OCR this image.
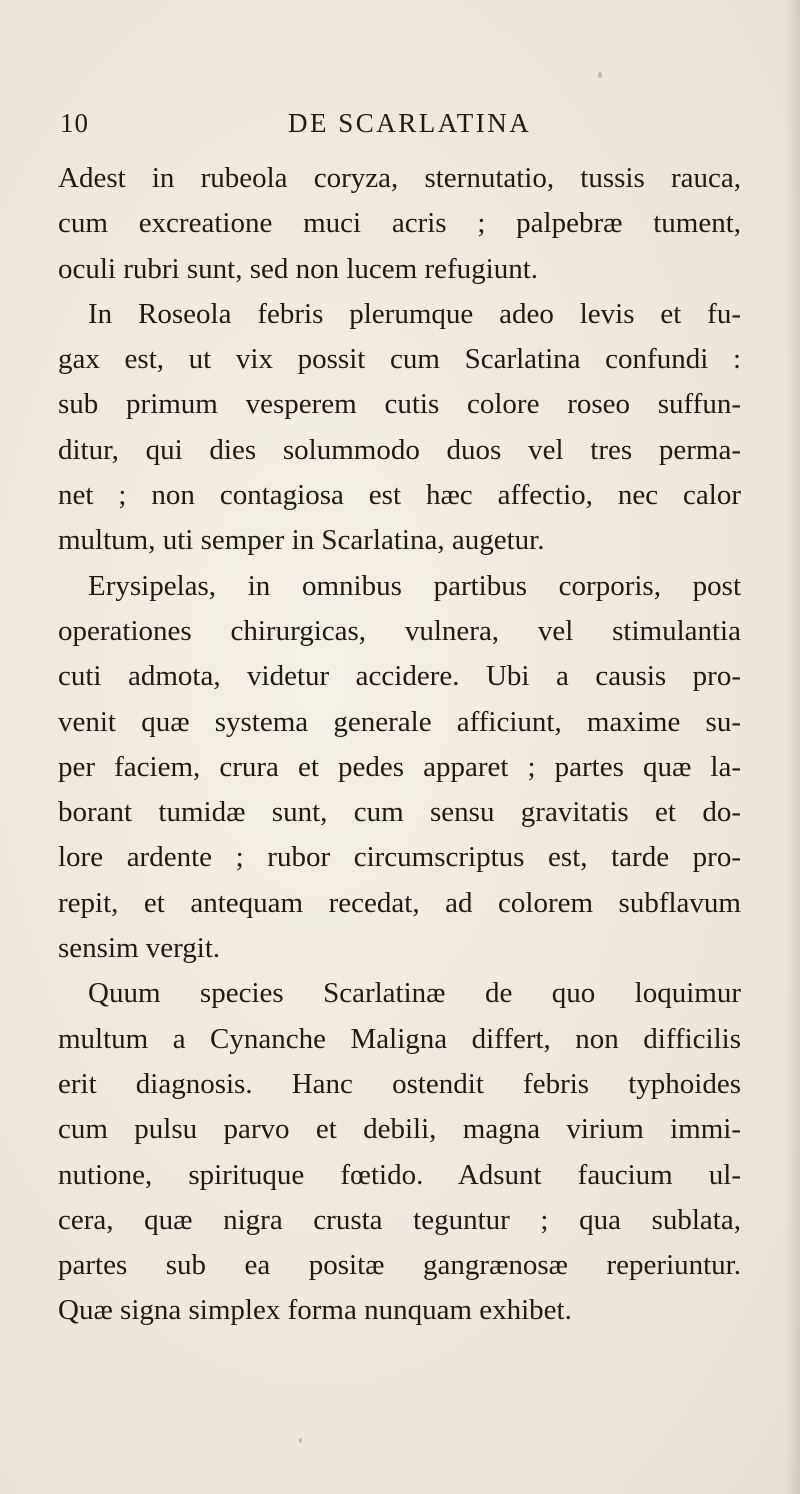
10	DE SCARLATINA
Adest in rubeola coryza, sternutatio, tussis rauca,
cum excreatione muci acris ; palpebræ tument,
oculi rubri sunt, sed non lucem refugiunt.
In Roseola febris plerumque adeo levis et fu-
gax est, ut vix possit cum Scarlatina confundi :
sub primum vesperem cutis colore roseo suffun-
ditur, qui dies solummodo duos vel tres perma-
net ; non contagiosa est hæc affectio, nec calor
multum, uti semper in Scarlatina, augetur.
Erysipelas, in omnibus partibus corporis, post
operationes chirurgicas, vulnera, vel stimulantia
cuti admota, videtur accidere. Ubi a causis pro-
venit quæ systema generale afficiunt, maxime su-
per faciem, crura et pedes apparet ; partes quæ la-
borant tumidæ sunt, cum sensu gravitatis et do-
lore ardente ; rubor circumscriptus est, tarde pro-
repit, et antequam recedat, ad colorem subflavum
sensim vergit.
Quum species Scarlatinæ de quo loquimur
multum a Cynanche Maligna differt, non difficilis
erit diagnosis. Hanc ostendit febris typhoides
cum pulsu parvo et debili, magna virium immi-
nutione, spirituque fœtido. Adsunt faucium ul-
cera, quæ nigra crusta teguntur ; qua sublata,
partes sub ea positæ gangrænosæ reperiuntur.
Quæ signa simplex forma nunquam exhibet.
